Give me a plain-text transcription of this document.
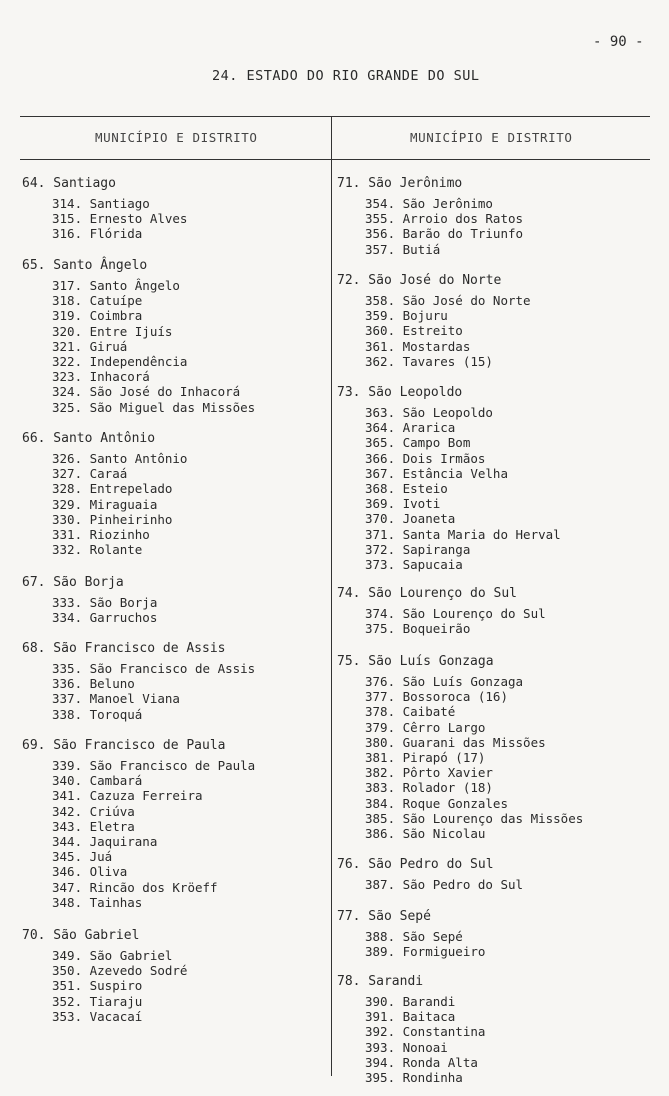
- 90 -
24. ESTADO DO RIO GRANDE DO SUL
MUNICÍPIO E DISTRITO	MUNICÍPIO E DISTRITO
64. Santiago
314. Santiago
315. Ernesto Alves
316. Flórida
65. Santo Ângelo
317. Santo Ângelo
318. Catuípe
319. Coimbra
320. Entre Ijuís
321. Giruá
322. Independência
323. Inhacorá
324. São José do Inhacorá
325. São Miguel das Missões
66. Santo Antônio
326. Santo Antônio
327. Caraá
328. Entrepelado
329. Miraguaia
330. Pinheirinho
331. Riozinho
332. Rolante
67. São Borja
333. São Borja
334. Garruchos
68. São Francisco de Assis
335. São Francisco de Assis
336. Beluno
337. Manoel Viana
338. Toroquá
69. São Francisco de Paula
339. São Francisco de Paula
340. Cambará
341. Cazuza Ferreira
342. Criúva
343. Eletra
344. Jaquirana
345. Juá
346. Oliva
347. Rincão dos Kröeff
348. Tainhas
70. São Gabriel
349. São Gabriel
350. Azevedo Sodré
351. Suspiro
352. Tiaraju
353. Vacacaí
71. São Jerônimo
354. São Jerônimo
355. Arroio dos Ratos
356. Barão do Triunfo
357. Butiá
72. São José do Norte
358. São José do Norte
359. Bojuru
360. Estreito
361. Mostardas
362. Tavares (15)
73. São Leopoldo
363. São Leopoldo
364. Ararica
365. Campo Bom
366. Dois Irmãos
367. Estância Velha
368. Esteio
369. Ivoti
370. Joaneta
371. Santa Maria do Herval
372. Sapiranga
373. Sapucaia
74. São Lourenço do Sul
374. São Lourenço do Sul
375. Boqueirão
75. São Luís Gonzaga
376. São Luís Gonzaga
377. Bossoroca (16)
378. Caibaté
379. Cêrro Largo
380. Guarani das Missões
381. Pirapó (17)
382. Pôrto Xavier
383. Rolador (18)
384. Roque Gonzales
385. São Lourenço das Missões
386. São Nicolau
76. São Pedro do Sul
387. São Pedro do Sul
77. São Sepé
388. São Sepé
389. Formigueiro
78. Sarandi
390. Barandi
391. Baitaca
392. Constantina
393. Nonoai
394. Ronda Alta
395. Rondinha
